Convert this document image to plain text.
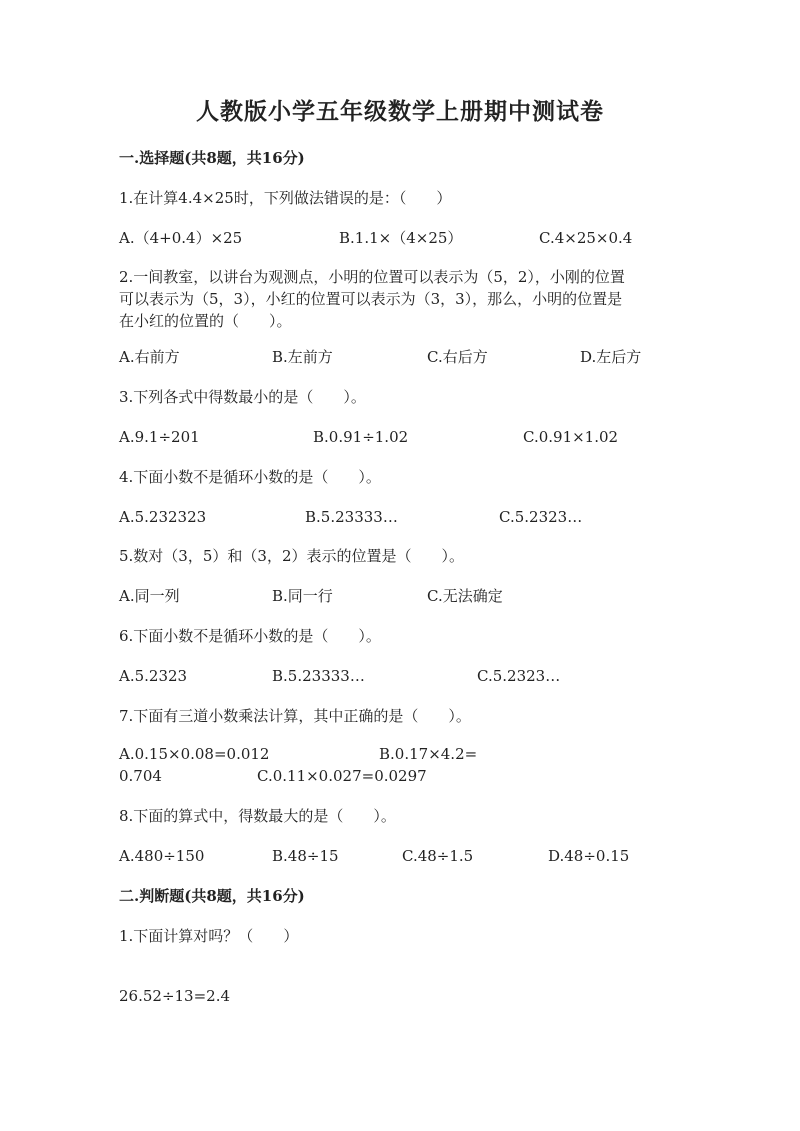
人教版小学五年级数学上册期中测试卷
一.选择题(共8题，共16分)
1.在计算4.4×25时，下列做法错误的是：（　　）
A.（4+0.4）×25	B.1.1×（4×25）	C.4×25×0.4
2.一间教室，以讲台为观测点，小明的位置可以表示为（5，2），小刚的位置
可以表示为（5，3），小红的位置可以表示为（3，3），那么，小明的位置是
在小红的位置的（　　）。
A.右前方	B.左前方	C.右后方	D.左后方
3.下列各式中得数最小的是（　　）。
A.9.1÷201	B.0.91÷1.02	C.0.91×1.02
4.下面小数不是循环小数的是（　　）。
A.5.232323	B.5.23333…	C.5.2323…
5.数对（3，5）和（3，2）表示的位置是（　　）。
A.同一列	B.同一行	C.无法确定
6.下面小数不是循环小数的是（　　）。
A.5.2323	B.5.23333…	C.5.2323…
7.下面有三道小数乘法计算，其中正确的是（　　）。
A.0.15×0.08=0.012	B.0.17×4.2=
0.704	C.0.11×0.027=0.0297
8.下面的算式中，得数最大的是（　　）。
A.480÷150	B.48÷15	C.48÷1.5	D.48÷0.15
二.判断题(共8题，共16分)
1.下面计算对吗？（　　）
26.52÷13=2.4
